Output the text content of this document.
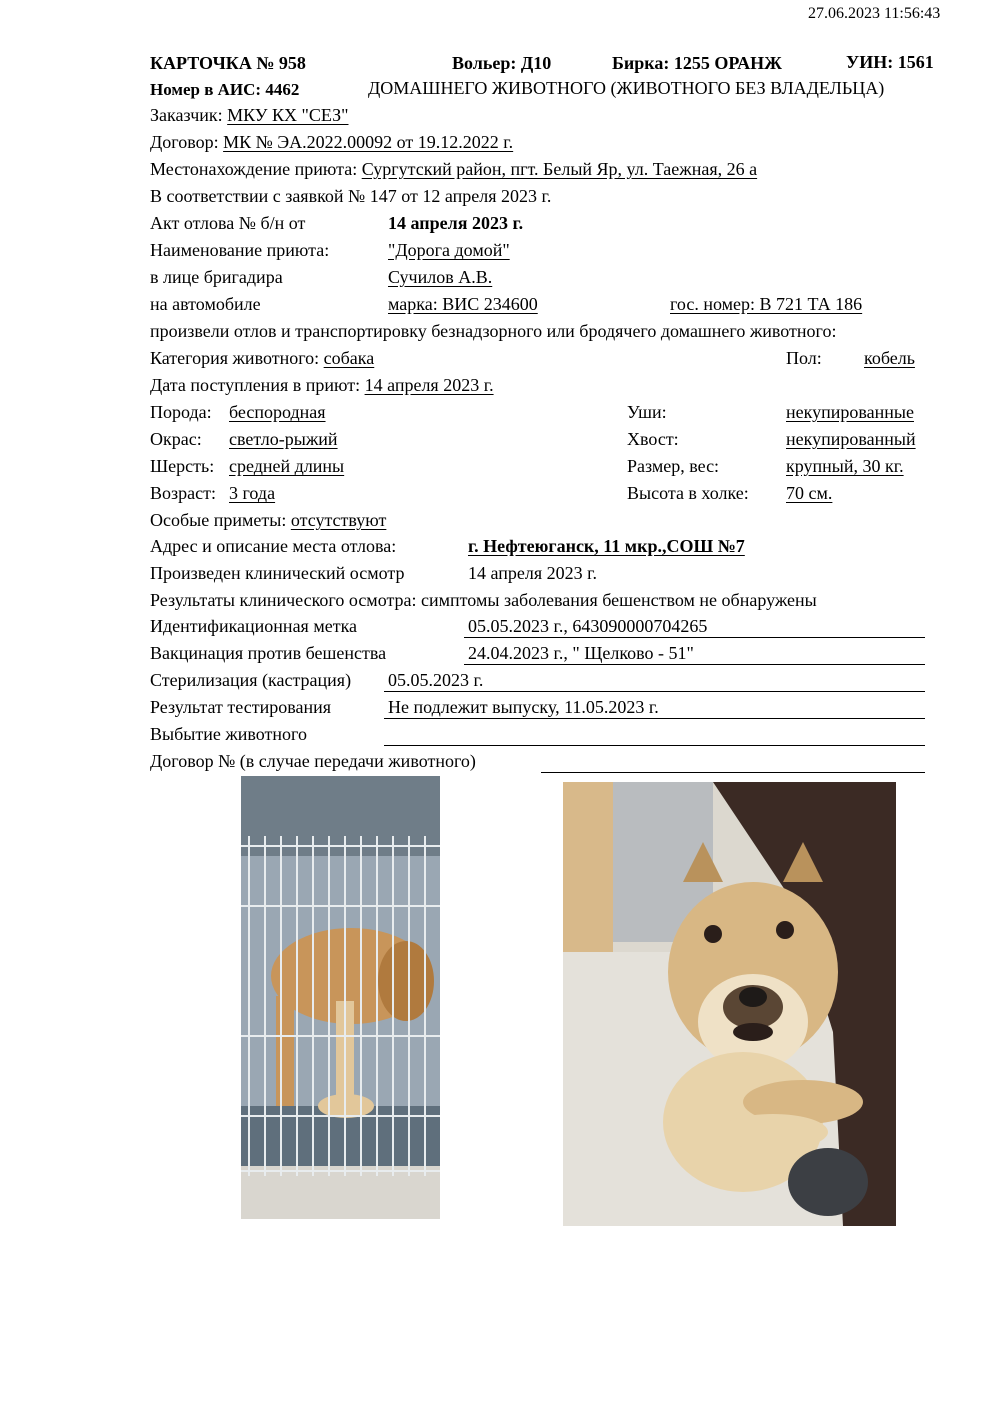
27.06.2023 11:56:43
КАРТОЧКА № 958	Вольер: Д10	Бирка: 1255 ОРАНЖ	УИН: 1561
Номер в АИС: 4462	ДОМАШНЕГО ЖИВОТНОГО (ЖИВОТНОГО БЕЗ ВЛАДЕЛЬЦА)
Заказчик: МКУ КХ "СЕЗ"
Договор: МК № ЭА.2022.00092 от 19.12.2022 г.
Местонахождение приюта: Сургутский район, пгт. Белый Яр, ул. Таежная, 26 а
В соответствии с заявкой № 147 от 12 апреля 2023 г.
Акт отлова № б/н от	14 апреля 2023 г.
Наименование приюта:	"Дорога домой"
в лице бригадира	Сучилов А.В.
на автомобиле	марка: ВИС 234600	гос. номер: В 721 ТА 186
произвели отлов и транспортировку безнадзорного или бродячего домашнего животного:
Категория животного: собака	Пол: кобель
Дата поступления в приют: 14 апреля 2023 г.
Порода: беспородная	Уши:	некупированные
Окрас: светло-рыжий	Хвост:	некупированный
Шерсть: средней длины	Размер, вес:	крупный, 30 кг.
Возраст: 3 года	Высота в холке: 70 см.
Особые приметы: отсутствуют
Адрес и описание места отлова:	г. Нефтеюганск, 11 мкр.,СОШ №7
Произведен клинический осмотр	14 апреля 2023 г.
Результаты клинического осмотра: симптомы заболевания бешенством не обнаружены
Идентификационная метка	05.05.2023 г., 643090000704265
Вакцинация против бешенства	24.04.2023 г., " Щелково - 51"
Стерилизация (кастрация) 05.05.2023 г.
Результат тестирования	Не подлежит выпуску, 11.05.2023 г.
Выбытие животного
Договор № (в случае передачи животного)
